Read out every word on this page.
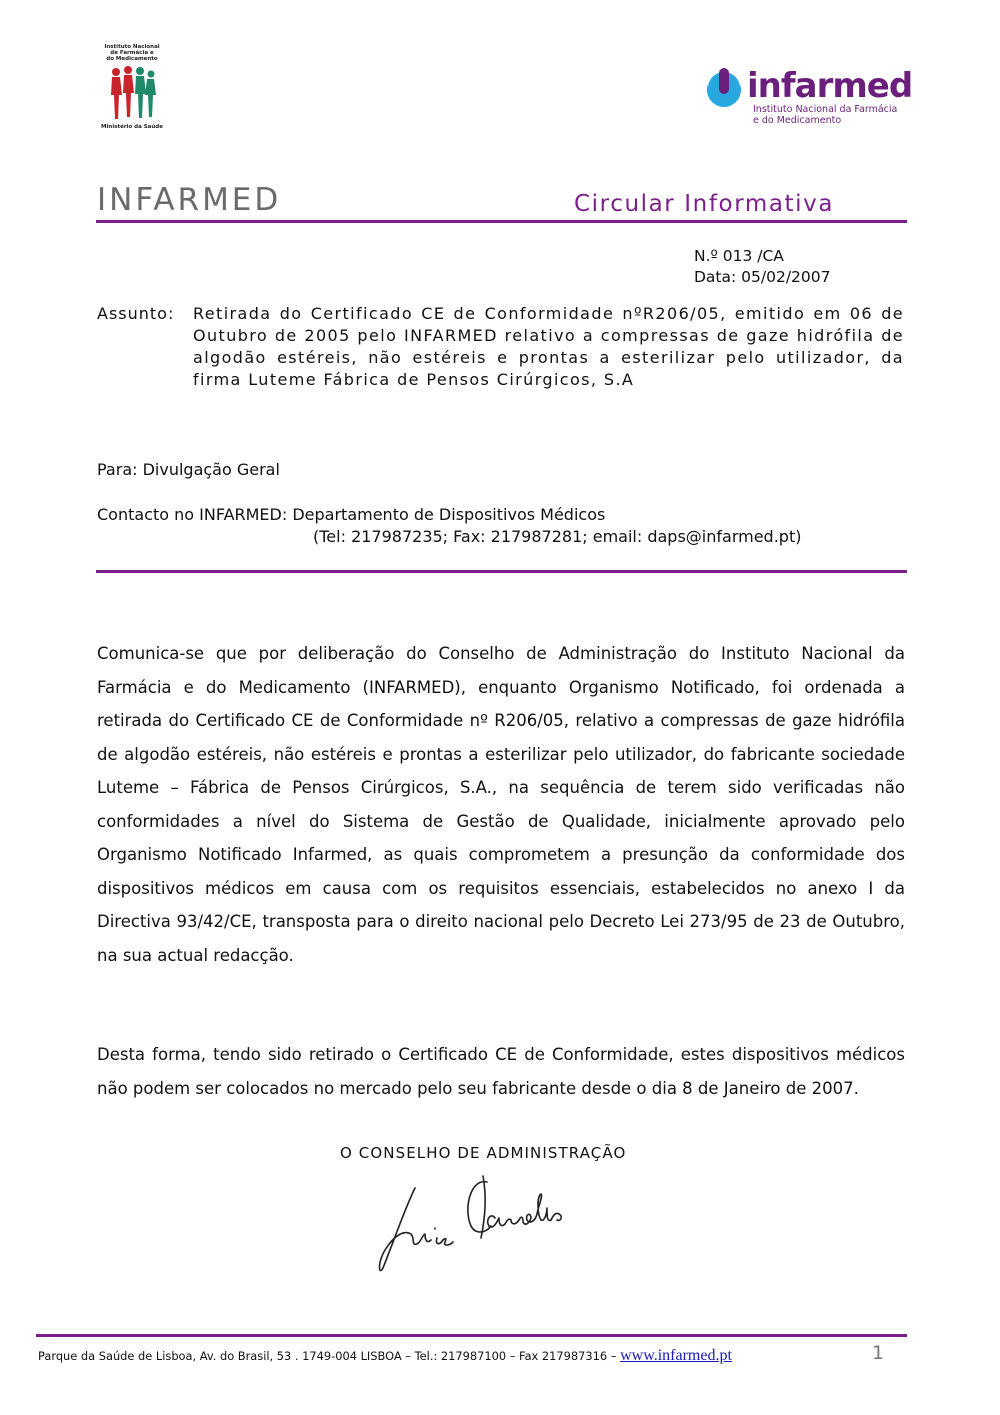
Instituto Nacional
de Farmácia e
do Medicamento
Ministério da Saúde
infarmed
Instituto Nacional da Farmácia
e do Medicamento
INFARMED	Circular Informativa
N.º 013 /CA
Data: 05/02/2007
Assunto: Retirada do Certificado CE de Conformidade nºR206/05, emitido em 06 de Outubro de 2005 pelo INFARMED relativo a compressas de gaze hidrófila de algodão estéreis, não estéreis e prontas a esterilizar pelo utilizador, da firma Luteme Fábrica de Pensos Cirúrgicos, S.A
Para: Divulgação Geral
Contacto no INFARMED: Departamento de Dispositivos Médicos
(Tel: 217987235; Fax: 217987281; email: daps@infarmed.pt)
Comunica-se que por deliberação do Conselho de Administração do Instituto Nacional da Farmácia e do Medicamento (INFARMED), enquanto Organismo Notificado, foi ordenada a retirada do Certificado CE de Conformidade nº R206/05, relativo a compressas de gaze hidrófila de algodão estéreis, não estéreis e prontas a esterilizar pelo utilizador, do fabricante sociedade Luteme – Fábrica de Pensos Cirúrgicos, S.A., na sequência de terem sido verificadas não conformidades a nível do Sistema de Gestão de Qualidade, inicialmente aprovado pelo Organismo Notificado Infarmed, as quais comprometem a presunção da conformidade dos dispositivos médicos em causa com os requisitos essenciais, estabelecidos no anexo I da Directiva 93/42/CE, transposta para o direito nacional pelo Decreto Lei 273/95 de 23 de Outubro, na sua actual redacção.
Desta forma, tendo sido retirado o Certificado CE de Conformidade, estes dispositivos médicos não podem ser colocados no mercado pelo seu fabricante desde o dia 8 de Janeiro de 2007.
O CONSELHO DE ADMINISTRAÇÃO
Parque da Saúde de Lisboa, Av. do Brasil, 53 . 1749-004 LISBOA – Tel.: 217987100 – Fax 217987316 – www.infarmed.pt	1
